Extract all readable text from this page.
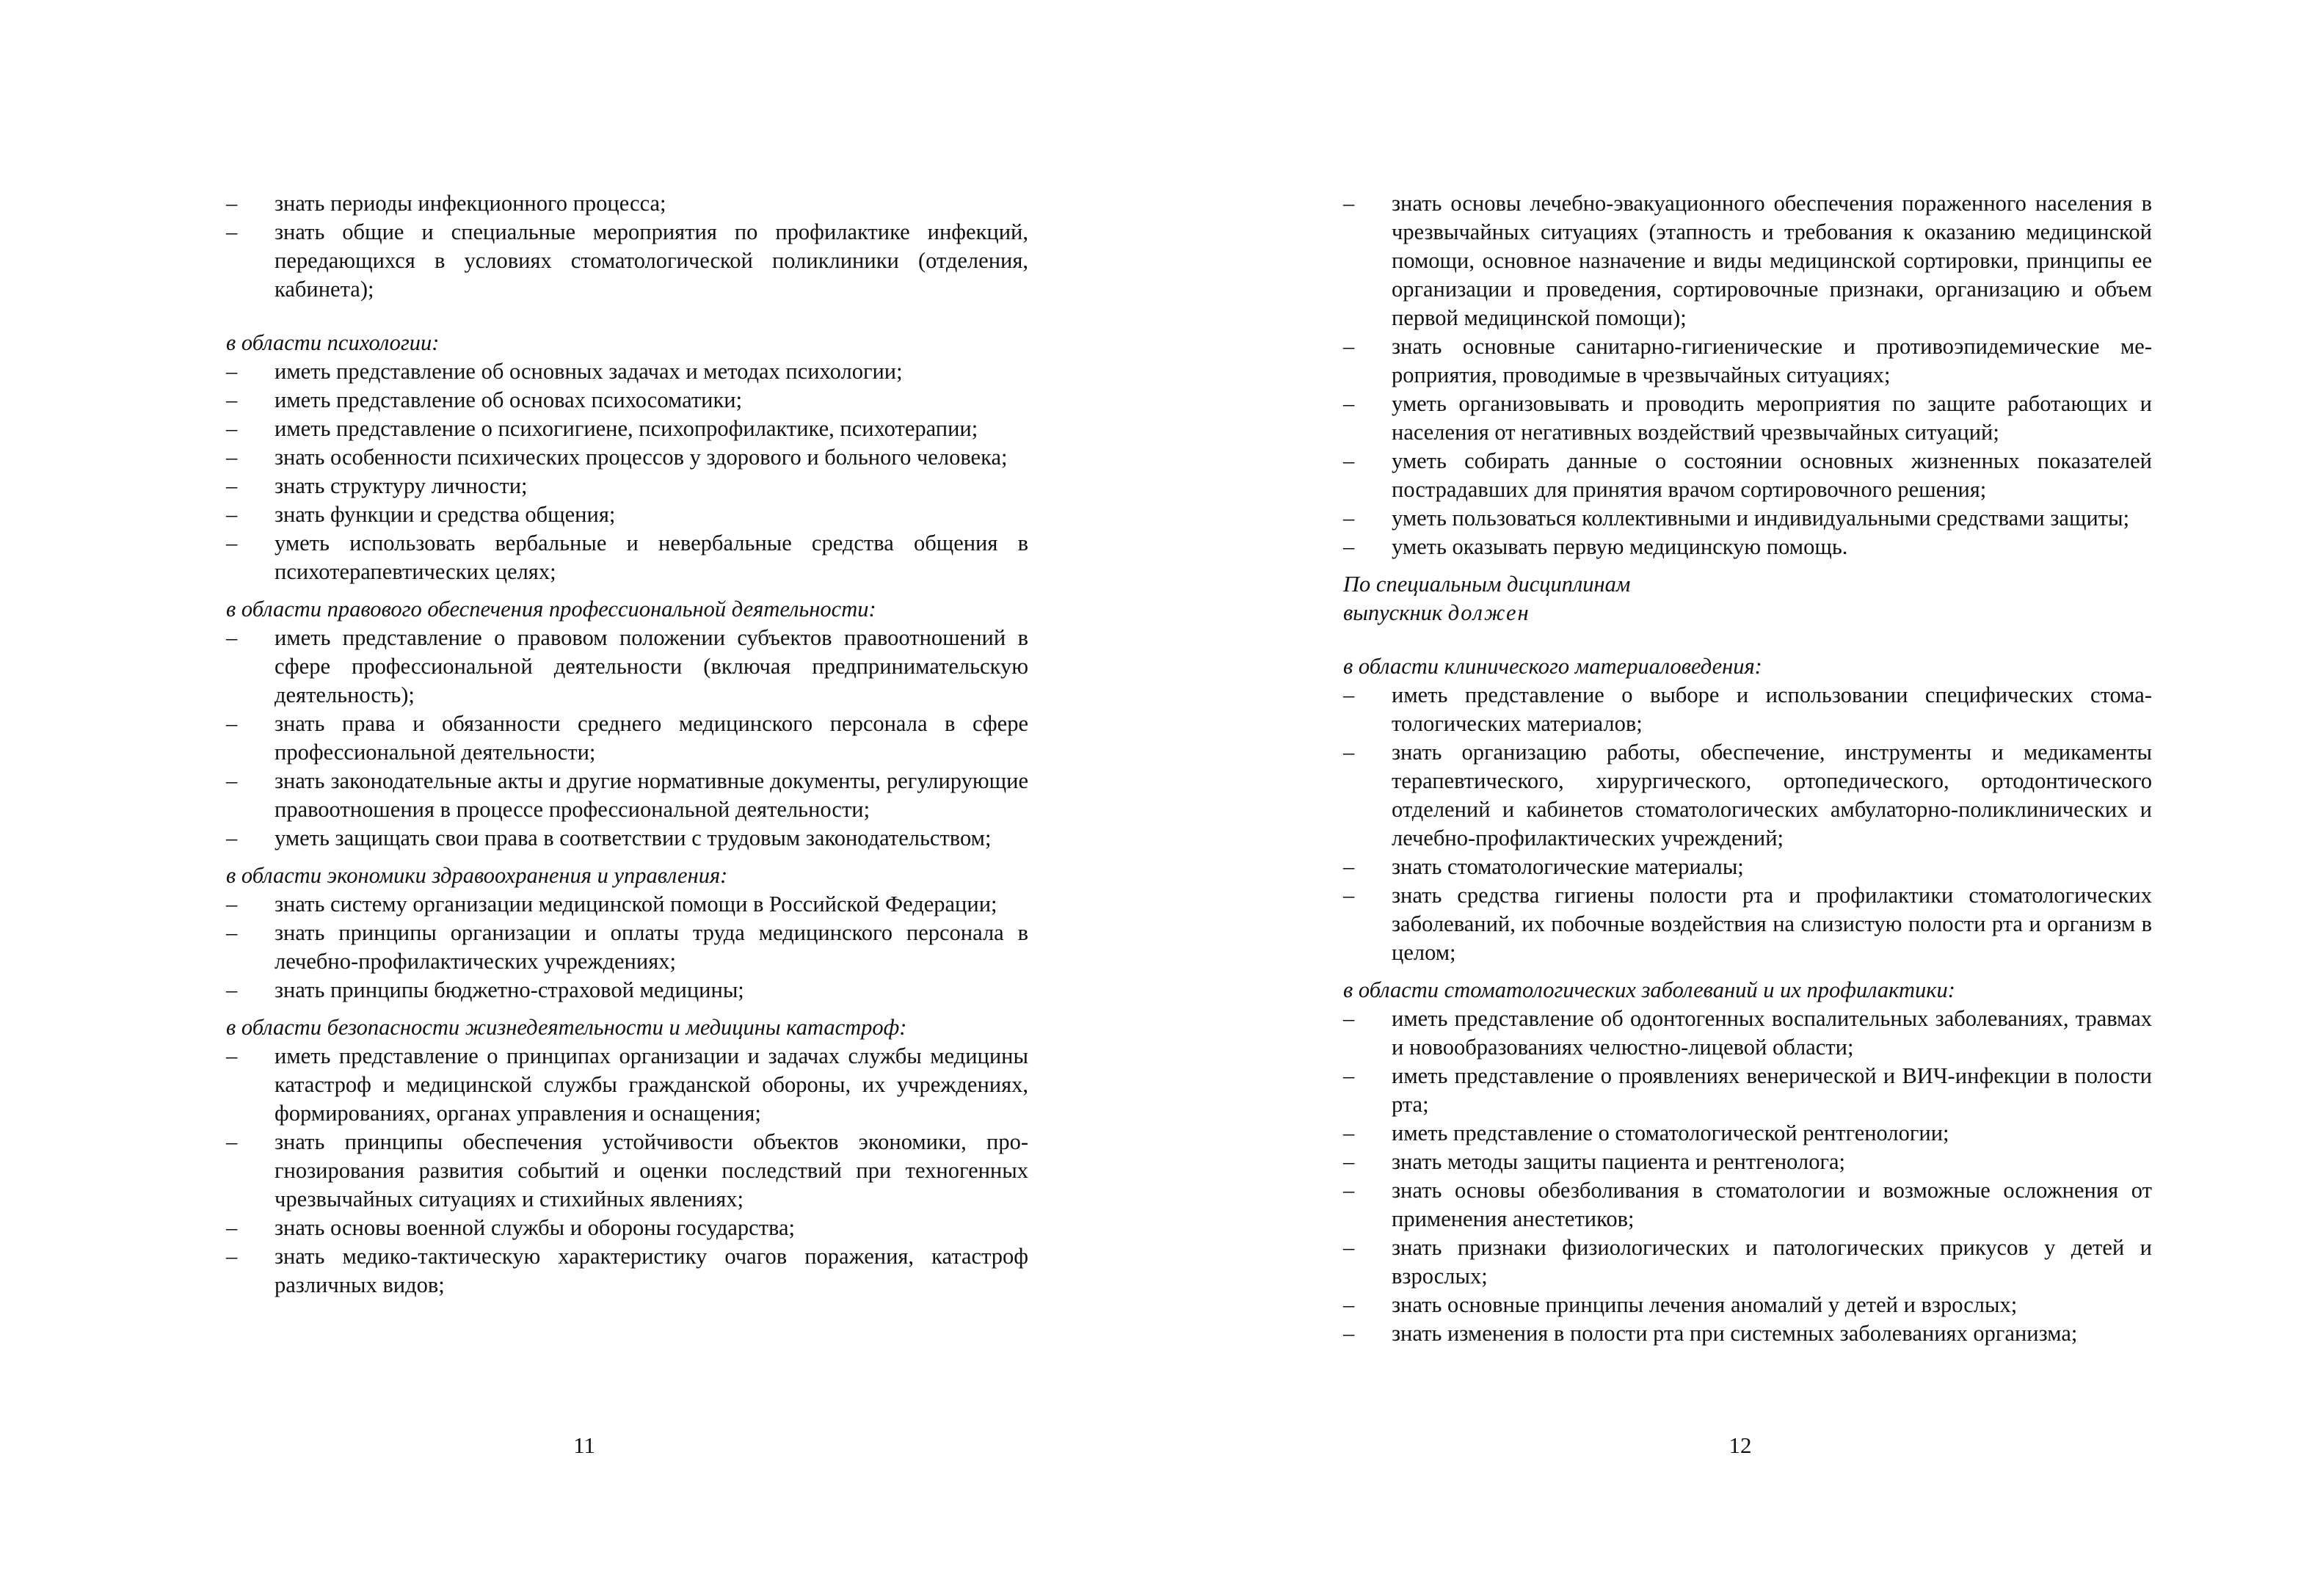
–	знать периоды инфекционного процесса;
–	знать общие и специальные мероприятия по профилактике инфекций, передающихся в условиях стоматологической поликлиники (отделения, кабинета);

в области психологии:

–	иметь представление об основных задачах и методах психологии;
–	иметь представление об основах психосоматики;
–	иметь представление о психогигиене, психопрофилактике, психотерапии;
–	знать особенности психических процессов у здорового и больного человека;
–	знать структуру личности;
–	знать функции и средства общения;
–	уметь использовать вербальные и невербальные средства общения в психотерапевтических целях;

в области правового обеспечения профессиональной деятельности:

–	иметь представление о правовом положении субъектов правоотношений в сфере профессиональной деятельности (включая предпринимательскую деятельность);
–	знать права и обязанности среднего медицинского персонала в сфере профессиональной деятельности;
–	знать законодательные акты и другие нормативные документы, регулирующие правоотношения в процессе профессиональной деятельности;
–	уметь защищать свои права в соответствии с трудовым законодательством;

в области экономики здравоохранения и управления:

–	знать систему организации медицинской помощи в Российской Федерации;
–	знать принципы организации и оплаты труда медицинского персонала в лечебно-профилактических учреждениях;
–	знать принципы бюджетно-страховой медицины;

в области безопасности жизнедеятельности и медицины катастроф:

–	иметь представление о принципах организации и задачах службы медицины катастроф и медицинской службы гражданской обороны, их учреждениях, формированиях, органах управления и оснащения;
–	знать принципы обеспечения устойчивости объектов экономики, прогнозирования развития событий и оценки последствий при техногенных чрезвычайных ситуациях и стихийных явлениях;
–	знать основы военной службы и обороны государства;
–	знать медико-тактическую характеристику очагов поражения, катастроф различных видов;
11
–	знать основы лечебно-эвакуационного обеспечения пораженного населения в чрезвычайных ситуациях (этапность и требования к оказанию медицинской помощи, основное назначение и виды медицинской сортировки, принципы ее организации и проведения, сортировочные признаки, организацию и объем первой медицинской помощи);
–	знать основные санитарно-гигиенические и противоэпидемические мероприятия, проводимые в чрезвычайных ситуациях;
–	уметь организовывать и проводить мероприятия по защите работающих и населения от негативных воздействий чрезвычайных ситуаций;
–	уметь собирать данные о состоянии основных жизненных показателей пострадавших для принятия врачом сортировочного решения;
–	уметь пользоваться коллективными и индивидуальными средствами защиты;
–	уметь оказывать первую медицинскую помощь.

По специальным дисциплинам
выпускник должен

в области клинического материаловедения:

–	иметь представление о выборе и использовании специфических стоматологических материалов;
–	знать организацию работы, обеспечение, инструменты и медикаменты терапевтического, хирургического, ортопедического, ортодонтического отделений и кабинетов стоматологических амбулаторно-поликлинических и лечебно-профилактических учреждений;
–	знать стоматологические материалы;
–	знать средства гигиены полости рта и профилактики стоматологических заболеваний, их побочные воздействия на слизистую полости рта и организм в целом;

в области стоматологических заболеваний и их профилактики:

–	иметь представление об одонтогенных воспалительных заболеваниях, травмах и новообразованиях челюстно-лицевой области;
–	иметь представление о проявлениях венерической и ВИЧ-инфекции в полости рта;
–	иметь представление о стоматологической рентгенологии;
–	знать методы защиты пациента и рентгенолога;
–	знать основы обезболивания в стоматологии и возможные осложнения от применения анестетиков;
–	знать признаки физиологических и патологических прикусов у детей и взрослых;
–	знать основные принципы лечения аномалий у детей и взрослых;
–	знать изменения в полости рта при системных заболеваниях организма;
12
